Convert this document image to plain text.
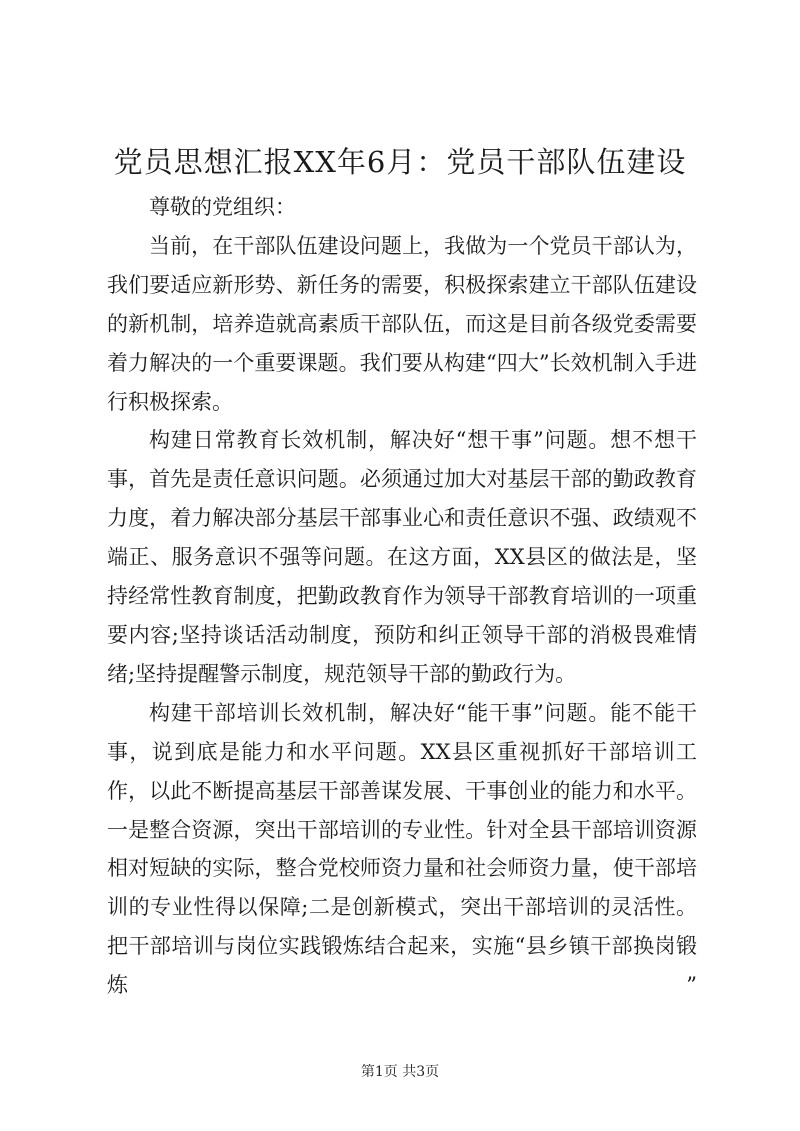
党员思想汇报XX年6月：党员干部队伍建设

尊敬的党组织：

当前，在干部队伍建设问题上，我做为一个党员干部认为，我们要适应新形势、新任务的需要，积极探索建立干部队伍建设的新机制，培养造就高素质干部队伍，而这是目前各级党委需要着力解决的一个重要课题。我们要从构建“四大”长效机制入手进行积极探索。

构建日常教育长效机制，解决好“想干事”问题。想不想干事，首先是责任意识问题。必须通过加大对基层干部的勤政教育力度，着力解决部分基层干部事业心和责任意识不强、政绩观不端正、服务意识不强等问题。在这方面，XX县区的做法是，坚持经常性教育制度，把勤政教育作为领导干部教育培训的一项重要内容;坚持谈话活动制度，预防和纠正领导干部的消极畏难情绪;坚持提醒警示制度，规范领导干部的勤政行为。

构建干部培训长效机制，解决好“能干事”问题。能不能干事，说到底是能力和水平问题。XX县区重视抓好干部培训工作，以此不断提高基层干部善谋发展、干事创业的能力和水平。一是整合资源，突出干部培训的专业性。针对全县干部培训资源相对短缺的实际，整合党校师资力量和社会师资力量，使干部培训的专业性得以保障;二是创新模式，突出干部培训的灵活性。把干部培训与岗位实践锻炼结合起来，实施“县乡镇干部换岗锻炼”

第1页 共3页
